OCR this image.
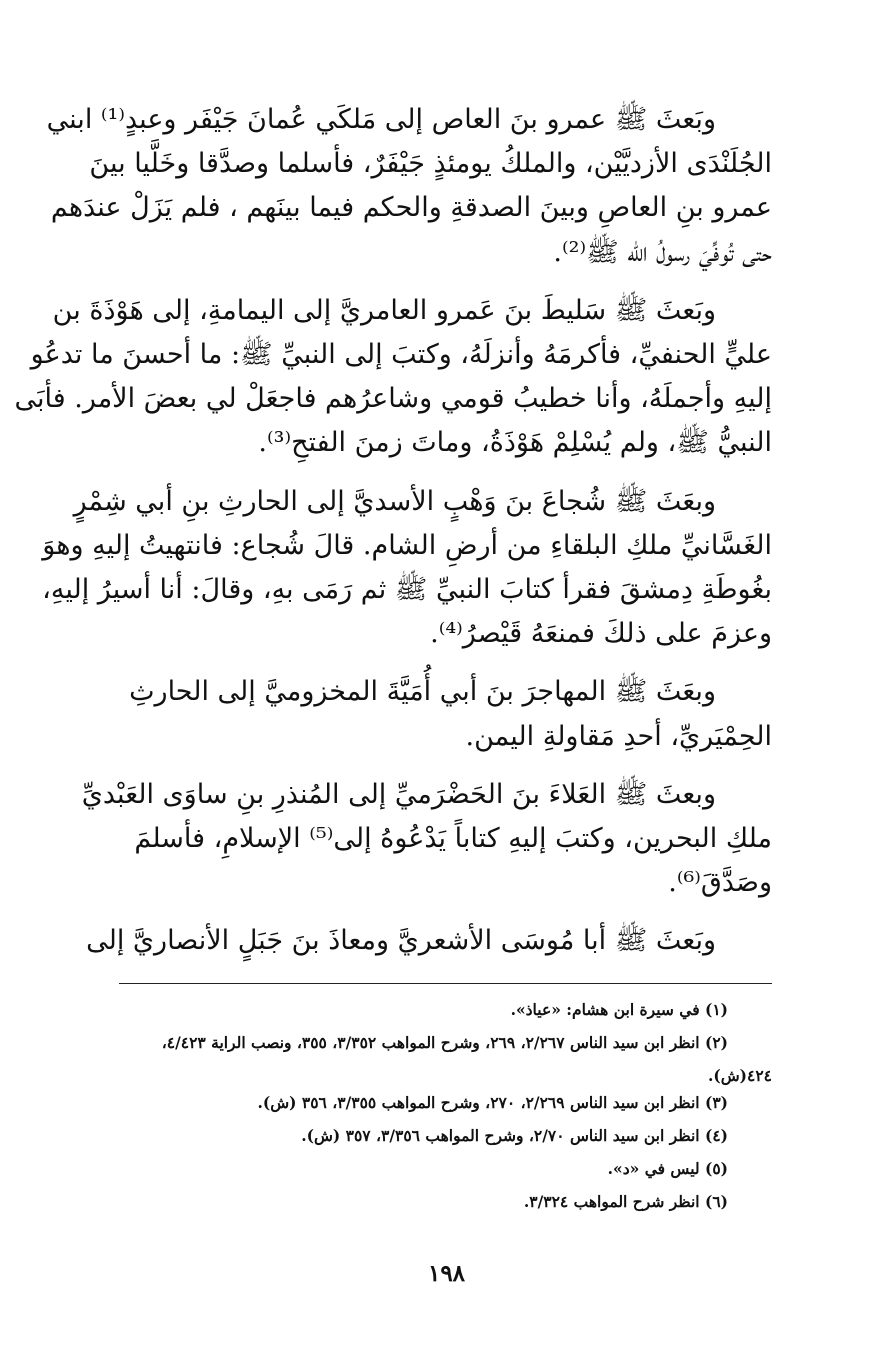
وبَعثَ ﷺ عمرو بنَ العاص إلى مَلكَي عُمانَ جَيْفَر وعبدٍ⁽¹⁾ ابني
الجُلَنْدَى الأزديَّيْن، والملكُ يومئذٍ جَيْفَرٌ، فأسلما وصدَّقا وخَلَّيا بينَ
عمرو بنِ العاصِ وبينَ الصدقةِ والحكم فيما بينَهم ، فلم يَزَلْ عندَهم
حتى تُوفِّيَ رسولُ الله ﷺ⁽²⁾.

وبَعثَ ﷺ سَليطَ بنَ عَمرو العامريَّ إلى اليمامةِ، إلى هَوْذَةَ بن
عليٍّ الحنفيِّ، فأكرمَهُ وأنزلَهُ، وكتبَ إلى النبيِّ ﷺ: ما أحسنَ ما تدعُو
إليهِ وأجملَهُ، وأنا خطيبُ قومي وشاعرُهم فاجعَلْ لي بعضَ الأمر. فأبَى
النبيُّ ﷺ، ولم يُسْلِمْ هَوْذَةُ، وماتَ زمنَ الفتحِ⁽³⁾.

وبعَثَ ﷺ شُجاعَ بنَ وَهْبٍ الأسديَّ إلى الحارثِ بنِ أبي شِمْرٍ
الغَسَّانيِّ ملكِ البلقاءِ من أرضِ الشام. قالَ شُجاع: فانتهيتُ إليهِ وهوَ
بغُوطَةِ دِمشقَ فقرأ كتابَ النبيِّ ﷺ ثم رَمَى بهِ، وقالَ: أنا أسيرُ إليهِ،
وعزمَ على ذلكَ فمنعَهُ قَيْصرُ⁽⁴⁾.

وبعَثَ ﷺ المهاجرَ بنَ أبي أُمَيَّةَ المخزوميَّ إلى الحارثِ
الحِمْيَريِّ، أحدِ مَقاولةِ اليمن.

وبعثَ ﷺ العَلاءَ بنَ الحَضْرَميِّ إلى المُنذرِ بنِ ساوَى العَبْديِّ
ملكِ البحرين، وكتبَ إليهِ كتاباً يَدْعُوهُ إلى⁽⁵⁾ الإسلامِ، فأسلمَ
وصَدَّقَ⁽⁶⁾.

وبَعثَ ﷺ أبا مُوسَى الأشعريَّ ومعاذَ بنَ جَبَلٍ الأنصاريَّ إلى

(١) في سيرة ابن هشام: «عياذ».
(٢) انظر ابن سيد الناس ٢/٢٦٧، ٢٦٩، وشرح المواهب ٣/٣٥٢، ٣٥٥، ونصب الراية ٤/٤٢٣،
٤٢٤(ش).
(٣) انظر ابن سيد الناس ٢/٢٦٩، ٢٧٠، وشرح المواهب ٣/٣٥٥، ٣٥٦ (ش).
(٤) انظر ابن سيد الناس ٢/٧٠، وشرح المواهب ٣/٣٥٦، ٣٥٧ (ش).
(٥) ليس في «د».
(٦) انظر شرح المواهب ٣/٣٢٤.
١٩٨
